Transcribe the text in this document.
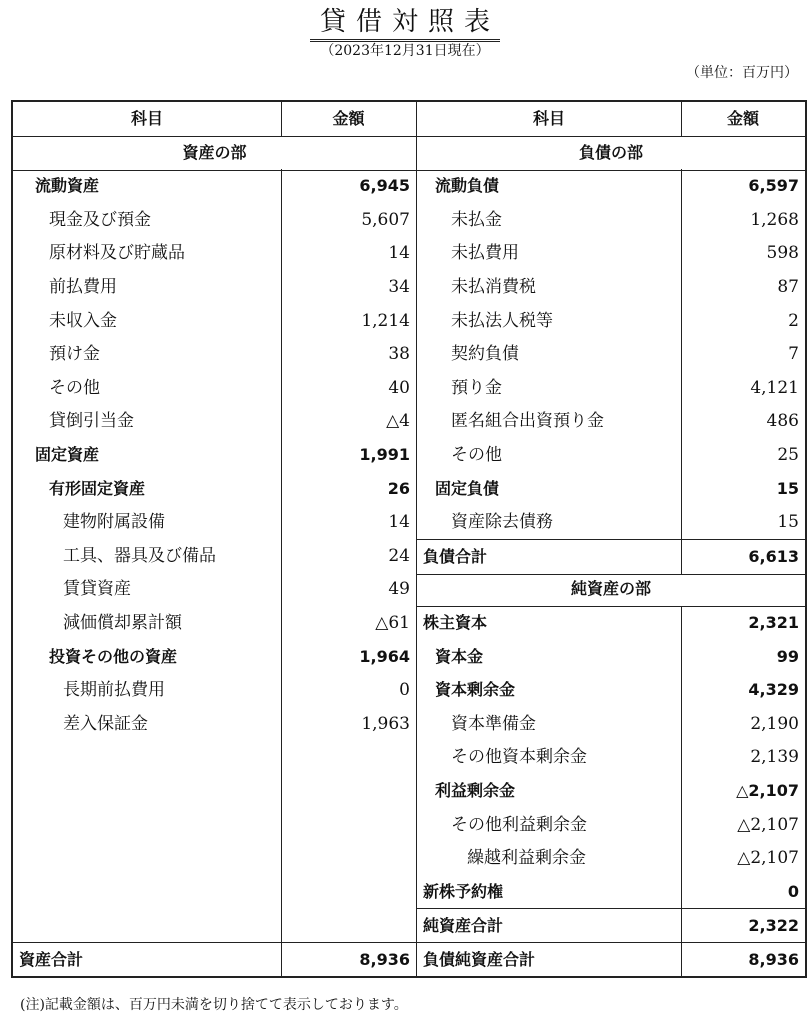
貸借対照表
（2023年12月31日現在）
（単位：百万円）
科目	金額
資産の部
流動資産	6,945
現金及び預金	5,607
原材料及び貯蔵品	14
前払費用	34
未収入金	1,214
預け金	38
その他	40
貸倒引当金	△4
固定資産	1,991
有形固定資産	26
建物附属設備	14
工具、器具及び備品	24
賃貸資産	49
減価償却累計額	△61
投資その他の資産	1,964
長期前払費用	0
差入保証金	1,963
資産合計	8,936
科目	金額
負債の部
流動負債	6,597
未払金	1,268
未払費用	598
未払消費税	87
未払法人税等	2
契約負債	7
預り金	4,121
匿名組合出資預り金	486
その他	25
固定負債	15
資産除去債務	15
負債合計	6,613
純資産の部
株主資本	2,321
資本金	99
資本剰余金	4,329
資本準備金	2,190
その他資本剰余金	2,139
利益剰余金	△2,107
その他利益剰余金	△2,107
繰越利益剰余金	△2,107
新株予約権	0
純資産合計	2,322
負債純資産合計	8,936
(注)記載金額は、百万円未満を切り捨てて表示しております。
